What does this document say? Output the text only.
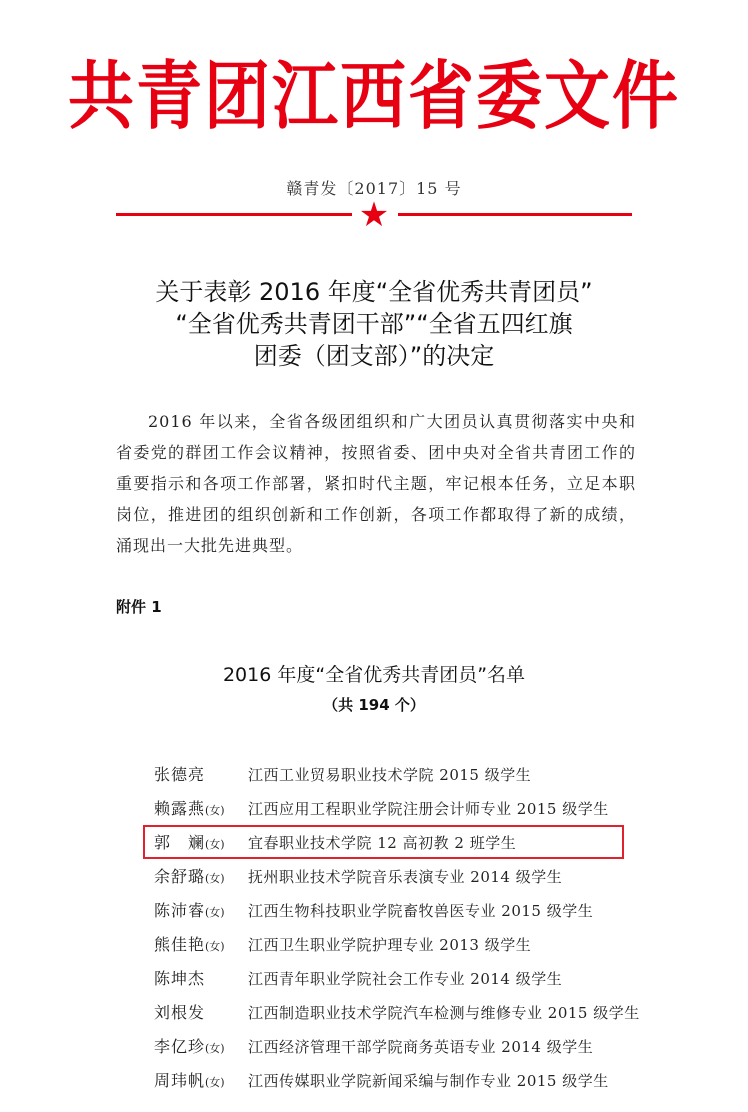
共青团江西省委文件
赣青发〔2017〕15 号
★
关于表彰 2016 年度“全省优秀共青团员”
“全省优秀共青团干部”“全省五四红旗
团委（团支部）”的决定
2016 年以来，全省各级团组织和广大团员认真贯彻落实中央和省委党的群团工作会议精神，按照省委、团中央对全省共青团工作的重要指示和各项工作部署，紧扣时代主题，牢记根本任务，立足本职岗位，推进团的组织创新和工作创新，各项工作都取得了新的成绩，涌现出一大批先进典型。
附件 1
2016 年度“全省优秀共青团员”名单
（共 194 个）
张德亮	江西工业贸易职业技术学院 2015 级学生
赖露燕(女)	江西应用工程职业学院注册会计师专业 2015 级学生
郭　斓(女)	宜春职业技术学院 12 高初教 2 班学生
余舒璐(女)	抚州职业技术学院音乐表演专业 2014 级学生
陈沛睿(女)	江西生物科技职业学院畜牧兽医专业 2015 级学生
熊佳艳(女)	江西卫生职业学院护理专业 2013 级学生
陈坤杰	江西青年职业学院社会工作专业 2014 级学生
刘根发	江西制造职业技术学院汽车检测与维修专业 2015 级学生
李亿珍(女)	江西经济管理干部学院商务英语专业 2014 级学生
周玮帆(女)	江西传媒职业学院新闻采编与制作专业 2015 级学生
